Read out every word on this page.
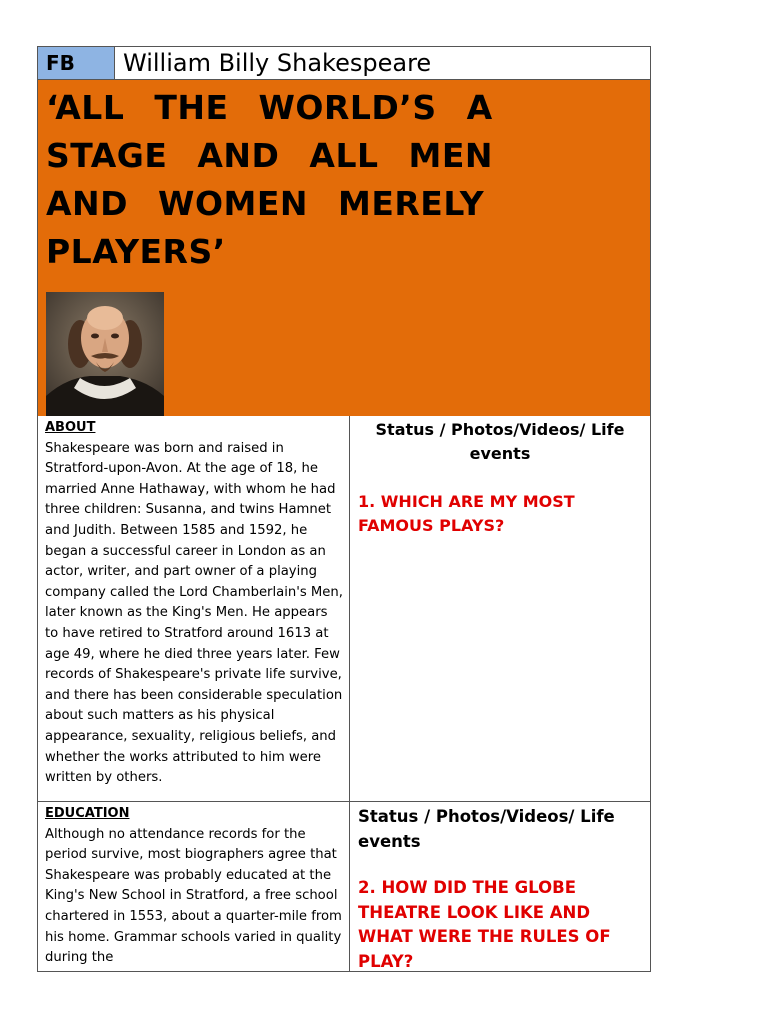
FB	William Billy Shakespeare
‘ALL THE WORLD’S A
STAGE AND ALL MEN
AND WOMEN MERELY
PLAYERS’
ABOUT

Shakespeare was born and raised in Stratford-upon-Avon. At the age of 18, he married Anne Hathaway, with whom he had three children: Susanna, and twins Hamnet and Judith. Between 1585 and 1592, he began a successful career in London as an actor, writer, and part owner of a playing company called the Lord Chamberlain's Men, later known as the King's Men. He appears to have retired to Stratford around 1613 at age 49, where he died three years later. Few records of Shakespeare's private life survive, and there has been considerable speculation about such matters as his physical appearance, sexuality, religious beliefs, and whether the works attributed to him were written by others.

Status / Photos/Videos/ Life events

1. WHICH ARE MY MOST FAMOUS PLAYS?

EDUCATION

Although no attendance records for the period survive, most biographers agree that Shakespeare was probably educated at the King's New School in Stratford, a free school chartered in 1553, about a quarter-mile from his home. Grammar schools varied in quality during the

Status / Photos/Videos/ Life events

2. HOW DID THE GLOBE THEATRE LOOK LIKE AND WHAT WERE THE RULES OF PLAY?
